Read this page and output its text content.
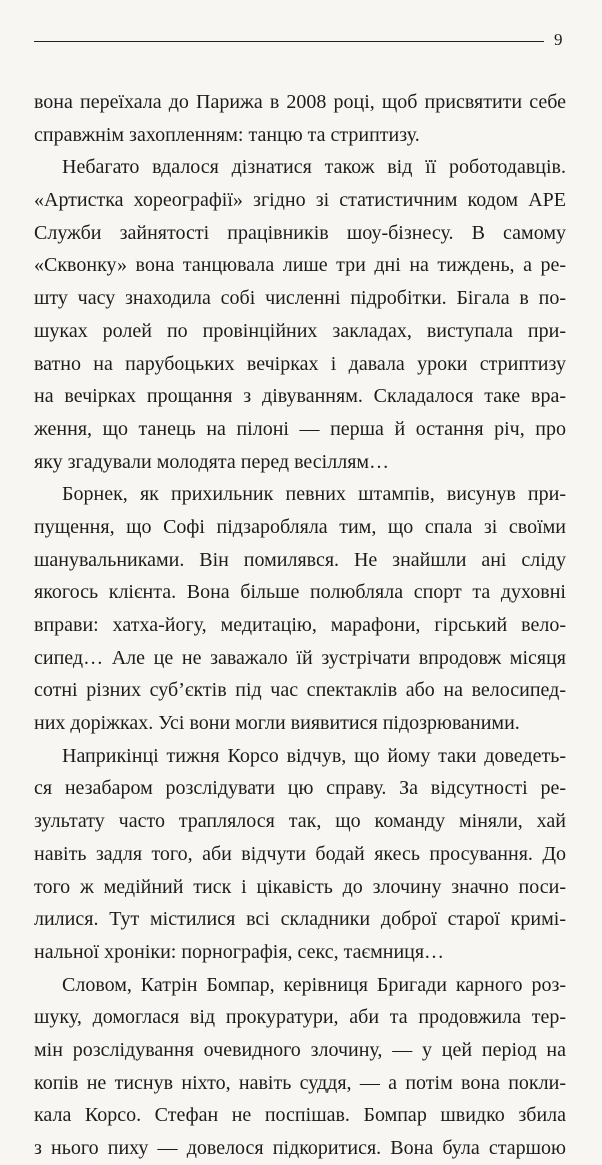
9
вона переїхала до Парижа в 2008 році, щоб присвятити себе
справжнім захопленням: танцю та стриптизу.
Небагато вдалося дізнатися також від її роботодавців.
«Артистка хореографії» згідно зі статистичним кодом APE
Служби зайнятості працівників шоу-бізнесу. В самому
«Сквонку» вона танцювала лише три дні на тиждень, а ре-
шту часу знаходила собі численні підробітки. Бігала в по-
шуках ролей по провінційних закладах, виступала при-
ватно на парубоцьких вечірках і давала уроки стриптизу
на вечірках прощання з дівуванням. Складалося таке вра-
ження, що танець на пілоні — перша й остання річ, про
яку згадували молодята перед весіллям…
Борнек, як прихильник певних штампів, висунув при-
пущення, що Софі підзаробляла тим, що спала зі своїми
шанувальниками. Він помилявся. Не знайшли ані сліду
якогось клієнта. Вона більше полюбляла спорт та духовні
вправи: хатха-йогу, медитацію, марафони, гірський вело-
сипед… Але це не заважало їй зустрічати впродовж місяця
сотні різних суб’єктів під час спектаклів або на велосипед-
них доріжках. Усі вони могли виявитися підозрюваними.
Наприкінці тижня Корсо відчув, що йому таки доведеть-
ся незабаром розслідувати цю справу. За відсутності ре-
зультату часто траплялося так, що команду міняли, хай
навіть задля того, аби відчути бодай якесь просування. До
того ж медійний тиск і цікавість до злочину значно поси-
лилися. Тут містилися всі складники доброї старої кримі-
нальної хроніки: порнографія, секс, таємниця…
Словом, Катрін Бомпар, керівниця Бригади карного роз-
шуку, домоглася від прокуратури, аби та продовжила тер-
мін розслідування очевидного злочину, — у цей період на
копів не тиснув ніхто, навіть суддя, — а потім вона покли-
кала Корсо. Стефан не поспішав. Бомпар швидко збила
з нього пиху — довелося підкоритися. Вона була старшою
